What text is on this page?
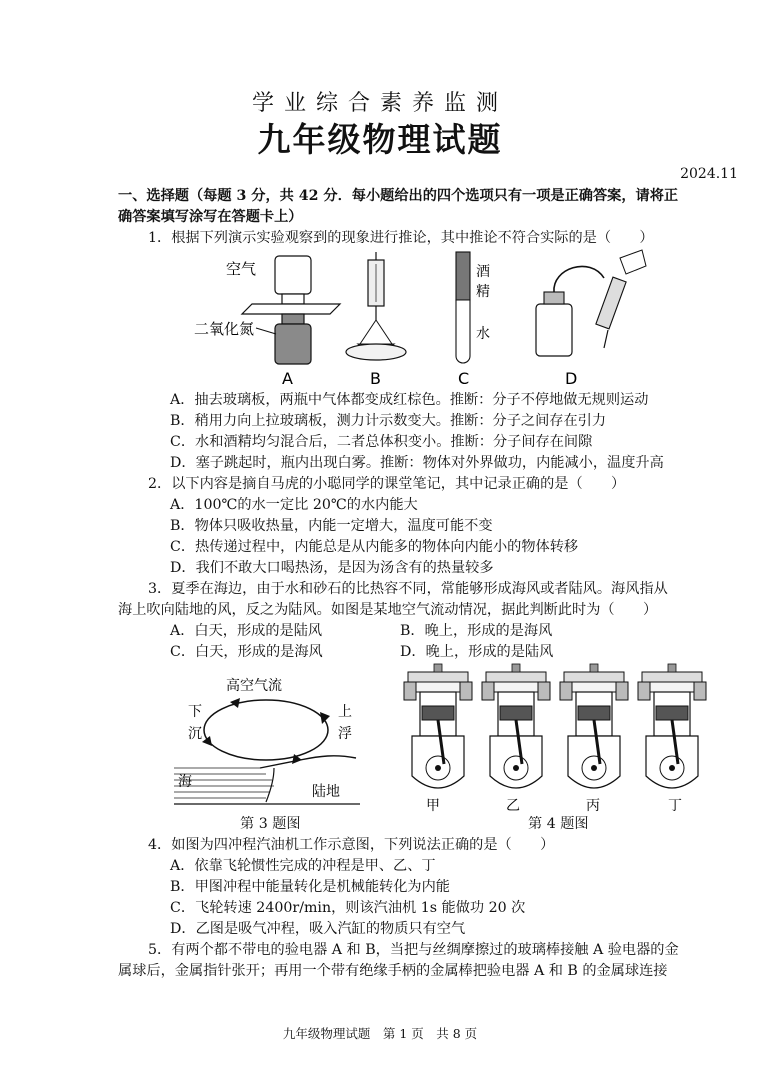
学业综合素养监测
九年级物理试题
2024.11
一、选择题（每题 3 分，共 42 分．每小题给出的四个选项只有一项是正确答案，请将正
确答案填写涂写在答题卡上）
1．根据下列演示实验观察到的现象进行推论，其中推论不符合实际的是（　　）
空气
二氧化氮
酒
精
水
A	B	C	D
A．抽去玻璃板，两瓶中气体都变成红棕色。推断：分子不停地做无规则运动
B．稍用力向上拉玻璃板，测力计示数变大。推断：分子之间存在引力
C．水和酒精均匀混合后，二者总体积变小。推断：分子间存在间隙
D．塞子跳起时，瓶内出现白雾。推断：物体对外界做功，内能减小，温度升高
2．以下内容是摘自马虎的小聪同学的课堂笔记，其中记录正确的是（　　）
A．100℃的水一定比 20℃的水内能大
B．物体只吸收热量，内能一定增大，温度可能不变
C．热传递过程中，内能总是从内能多的物体向内能小的物体转移
D．我们不敢大口喝热汤，是因为汤含有的热量较多
3．夏季在海边，由于水和砂石的比热容不同，常能够形成海风或者陆风。海风指从
海上吹向陆地的风，反之为陆风。如图是某地空气流动情况，据此判断此时为（　　）
A．白天，形成的是陆风	B．晚上，形成的是海风
C．白天，形成的是海风	D．晚上，形成的是陆风
高空气流
下
沉
上
浮
海
陆地
第 3 题图
甲	乙	丙	丁
第 4 题图
4．如图为四冲程汽油机工作示意图，下列说法正确的是（　　）
A．依靠飞轮惯性完成的冲程是甲、乙、丁
B．甲图冲程中能量转化是机械能转化为内能
C．飞轮转速 2400r/min，则该汽油机 1s 能做功 20 次
D．乙图是吸气冲程，吸入汽缸的物质只有空气
5．有两个都不带电的验电器 A 和 B，当把与丝绸摩擦过的玻璃棒接触 A 验电器的金
属球后，金属指针张开；再用一个带有绝缘手柄的金属棒把验电器 A 和 B 的金属球连接
九年级物理试题　第 1 页　共 8 页
